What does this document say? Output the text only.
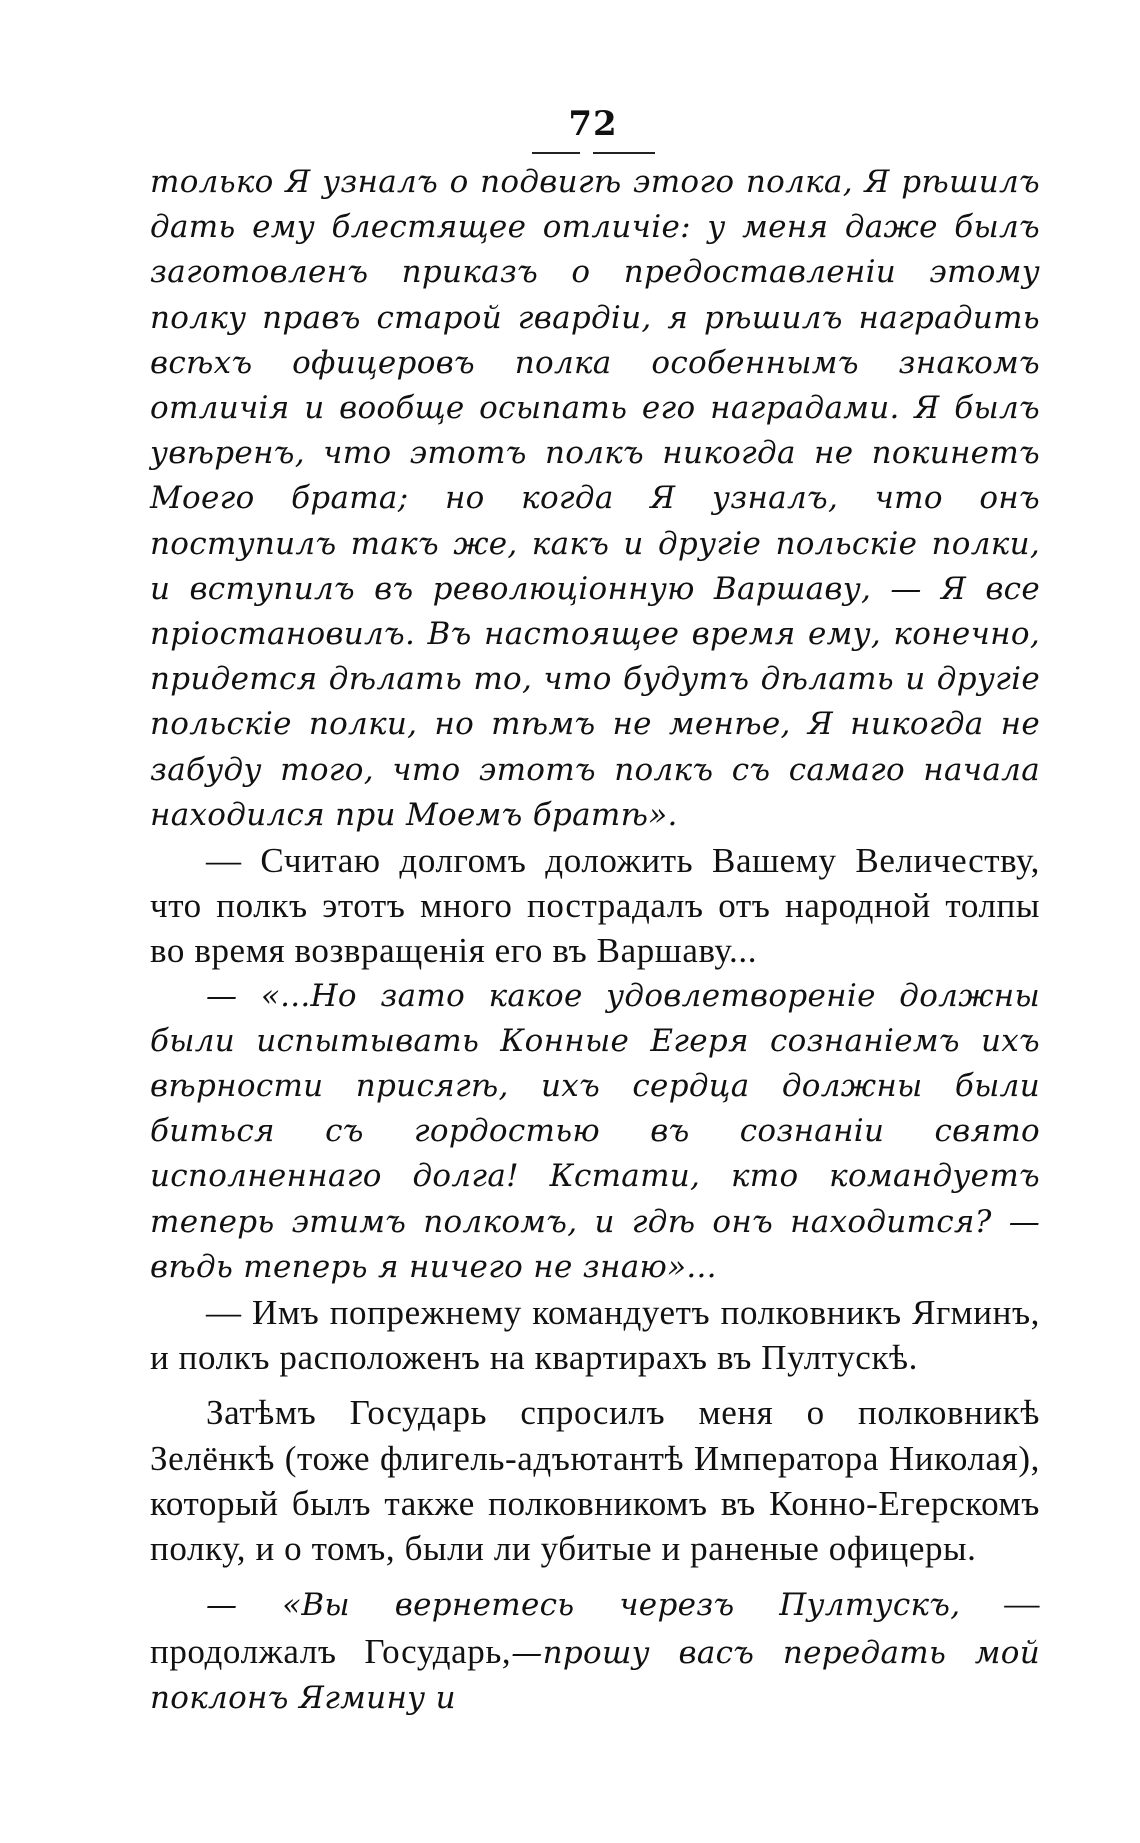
72

только Я узналъ о подвигѣ этого полка, Я рѣшилъ дать ему блестящее отличіе: у меня даже былъ заготовленъ приказъ о предоставленіи этому полку правъ старой гвардіи, я рѣшилъ наградить всѣхъ офицеровъ полка особеннымъ знакомъ отличія и вообще осыпать его наградами. Я былъ увѣренъ, что этотъ полкъ никогда не покинетъ Моего брата; но когда Я узналъ, что онъ поступилъ такъ же, какъ и другіе польскіе полки, и вступилъ въ революціонную Варшаву, — Я все пріостановилъ. Въ настоящее время ему, конечно, придется дѣлать то, что будутъ дѣлать и другіе польскіе полки, но тѣмъ не менѣе, Я никогда не забуду того, что этотъ полкъ съ самаго начала находился при Моемъ братѣ».

— Считаю долгомъ доложить Вашему Величеству, что полкъ этотъ много пострадалъ отъ народной толпы во время возвращенія его въ Варшаву...

— «...Но зато какое удовлетвореніе должны были испытывать Конные Егеря сознаніемъ ихъ вѣрности присягѣ, ихъ сердца должны были биться съ гордостью въ сознаніи свято исполненнаго долга! Кстати, кто командуетъ теперь этимъ полкомъ, и гдѣ онъ находится? — вѣдь теперь я ничего не знаю»...

— Имъ попрежнему командуетъ полковникъ Ягминъ, и полкъ расположенъ на квартирахъ въ Пултускѣ.

Затѣмъ Государь спросилъ меня о полковникѣ Зелёнкѣ (тоже флигель-адъютантѣ Императора Николая), который былъ также полковникомъ въ Конно-Егерскомъ полку, и о томъ, были ли убитые и раненые офицеры.

— «Вы вернетесь черезъ Пултускъ, — продолжалъ Государь,—прошу васъ передать мой поклонъ Ягмину и
